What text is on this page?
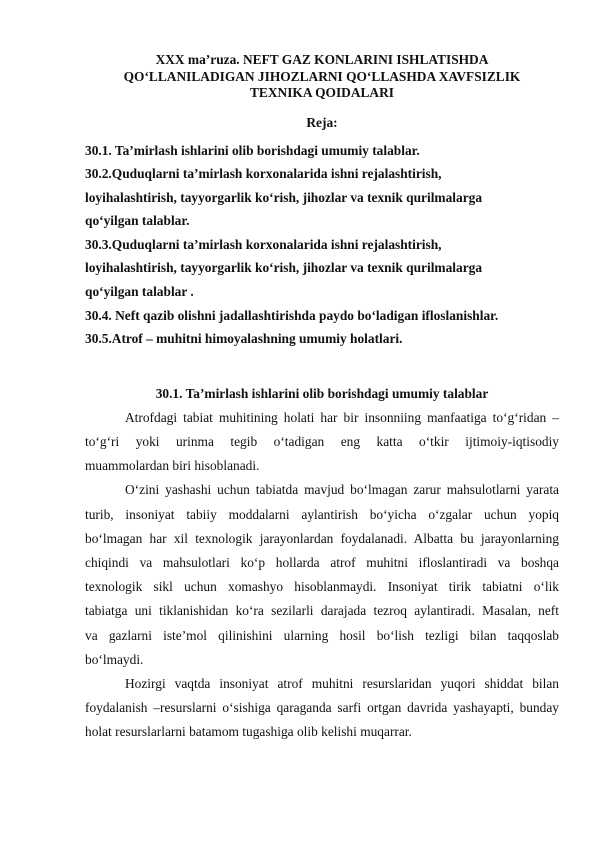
XXX ma’ruza. NEFT GAZ KONLARINI ISHLATISHDA
QO‘LLANILADIGAN JIHOZLARNI QO‘LLASHDA XAVFSIZLIK
TEXNIKA QOIDALARI
Reja:
30.1. Ta’mirlash ishlarini olib borishdagi umumiy talablar.
30.2.Quduqlarni ta’mirlash korxonalarida ishni rejalashtirish,
loyihalashtirish, tayyorgarlik ko‘rish, jihozlar va texnik qurilmalarga
qo‘yilgan talablar.
30.3.Quduqlarni ta’mirlash korxonalarida ishni rejalashtirish,
loyihalashtirish, tayyorgarlik ko‘rish, jihozlar va texnik qurilmalarga
qo‘yilgan talablar .
30.4. Neft qazib olishni jadallashtirishda paydo bo‘ladigan ifloslanishlar.
30.5.Atrof – muhitni himoyalashning umumiy holatlari.
30.1. Ta’mirlash ishlarini olib borishdagi umumiy talablar
Atrofdagi tabiat muhitining holati har bir insonniing manfaatiga to‘g‘ridan –
to‘g‘ri yoki urinma tegib o‘tadigan eng katta o‘tkir ijtimoiy-iqtisodiy
muammolardan biri hisoblanadi.
O‘zini yashashi uchun tabiatda mavjud bo‘lmagan zarur mahsulotlarni yarata
turib, insoniyat tabiiy moddalarni aylantirish bo‘yicha o‘zgalar uchun yopiq
bo‘lmagan har xil texnologik jarayonlardan foydalanadi. Albatta bu jarayonlarning
chiqindi va mahsulotlari ko‘p hollarda atrof muhitni ifloslantiradi va boshqa
texnologik sikl uchun xomashyo hisoblanmaydi. Insoniyat tirik tabiatni o‘lik
tabiatga uni tiklanishidan ko‘ra sezilarli darajada tezroq aylantiradi. Masalan, neft
va gazlarni iste’mol qilinishini ularning hosil bo‘lish tezligi bilan taqqoslab
bo‘lmaydi.
Hozirgi vaqtda insoniyat atrof muhitni resurslaridan yuqori shiddat bilan
foydalanish –resurslarni o‘sishiga qaraganda sarfi ortgan davrida yashayapti, bunday
holat resurslarlarni batamom tugashiga olib kelishi muqarrar.
